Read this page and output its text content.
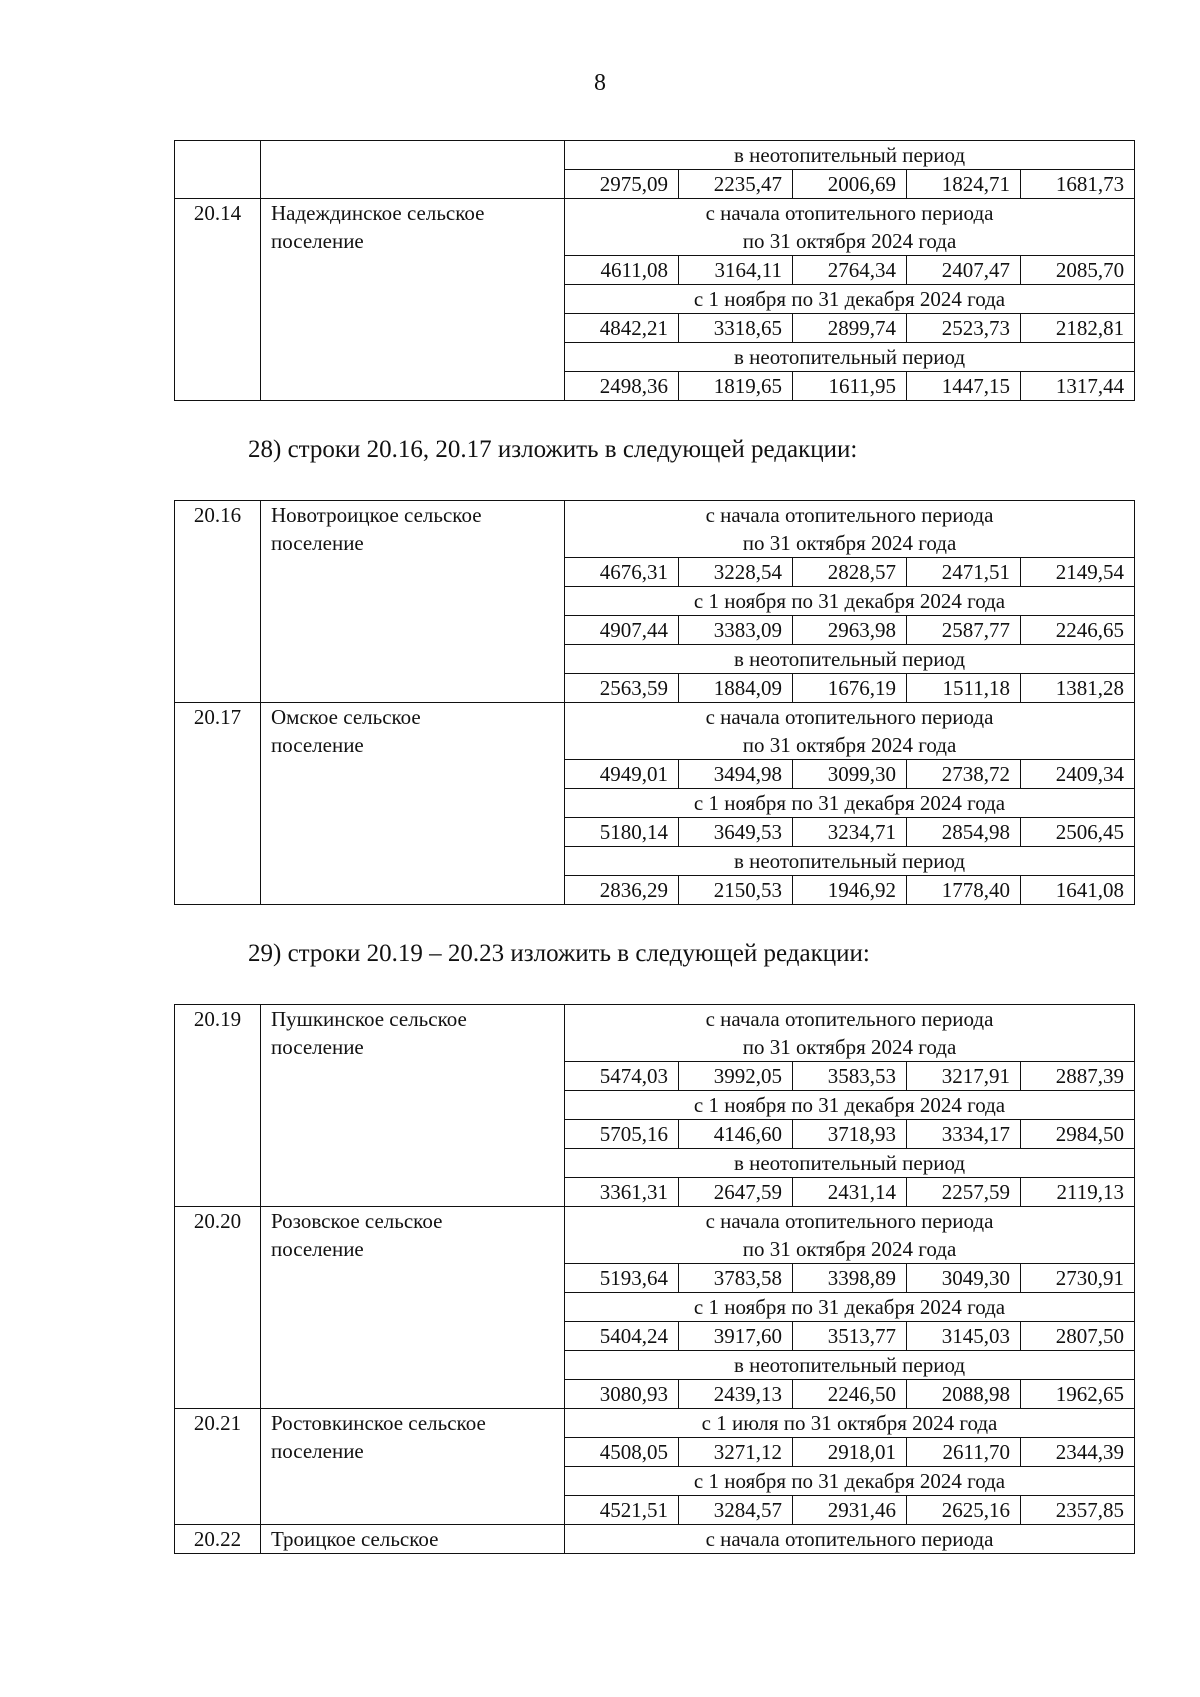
8
		в неотопительный период				
		2975,09	2235,47	2006,69	1824,71	1681,73
20.14	Надеждинское сельское
поселение	с начала отопительного периода
по 31 октября 2024 года				
		4611,08	3164,11	2764,34	2407,47	2085,70
		с 1 ноября по 31 декабря 2024 года				
		4842,21	3318,65	2899,74	2523,73	2182,81
		в неотопительный период				
		2498,36	1819,65	1611,95	1447,15	1317,44
28) строки 20.16, 20.17 изложить в следующей редакции:
20.16	Новотроицкое сельское
поселение	с начала отопительного периода
по 31 октября 2024 года				
		4676,31	3228,54	2828,57	2471,51	2149,54
		с 1 ноября по 31 декабря 2024 года				
		4907,44	3383,09	2963,98	2587,77	2246,65
		в неотопительный период				
		2563,59	1884,09	1676,19	1511,18	1381,28
20.17	Омское сельское
поселение	с начала отопительного периода
по 31 октября 2024 года				
		4949,01	3494,98	3099,30	2738,72	2409,34
		с 1 ноября по 31 декабря 2024 года				
		5180,14	3649,53	3234,71	2854,98	2506,45
		в неотопительный период				
		2836,29	2150,53	1946,92	1778,40	1641,08
29) строки 20.19 – 20.23 изложить в следующей редакции:
20.19	Пушкинское сельское
поселение	с начала отопительного периода
по 31 октября 2024 года				
		5474,03	3992,05	3583,53	3217,91	2887,39
		с 1 ноября по 31 декабря 2024 года				
		5705,16	4146,60	3718,93	3334,17	2984,50
		в неотопительный период				
		3361,31	2647,59	2431,14	2257,59	2119,13
20.20	Розовское сельское
поселение	с начала отопительного периода
по 31 октября 2024 года				
		5193,64	3783,58	3398,89	3049,30	2730,91
		с 1 ноября по 31 декабря 2024 года				
		5404,24	3917,60	3513,77	3145,03	2807,50
		в неотопительный период				
		3080,93	2439,13	2246,50	2088,98	1962,65
20.21	Ростовкинское сельское
поселение	с 1 июля по 31 октября 2024 года				
		4508,05	3271,12	2918,01	2611,70	2344,39
		с 1 ноября по 31 декабря 2024 года				
		4521,51	3284,57	2931,46	2625,16	2357,85
20.22	Троицкое сельское	с начала отопительного периода				
